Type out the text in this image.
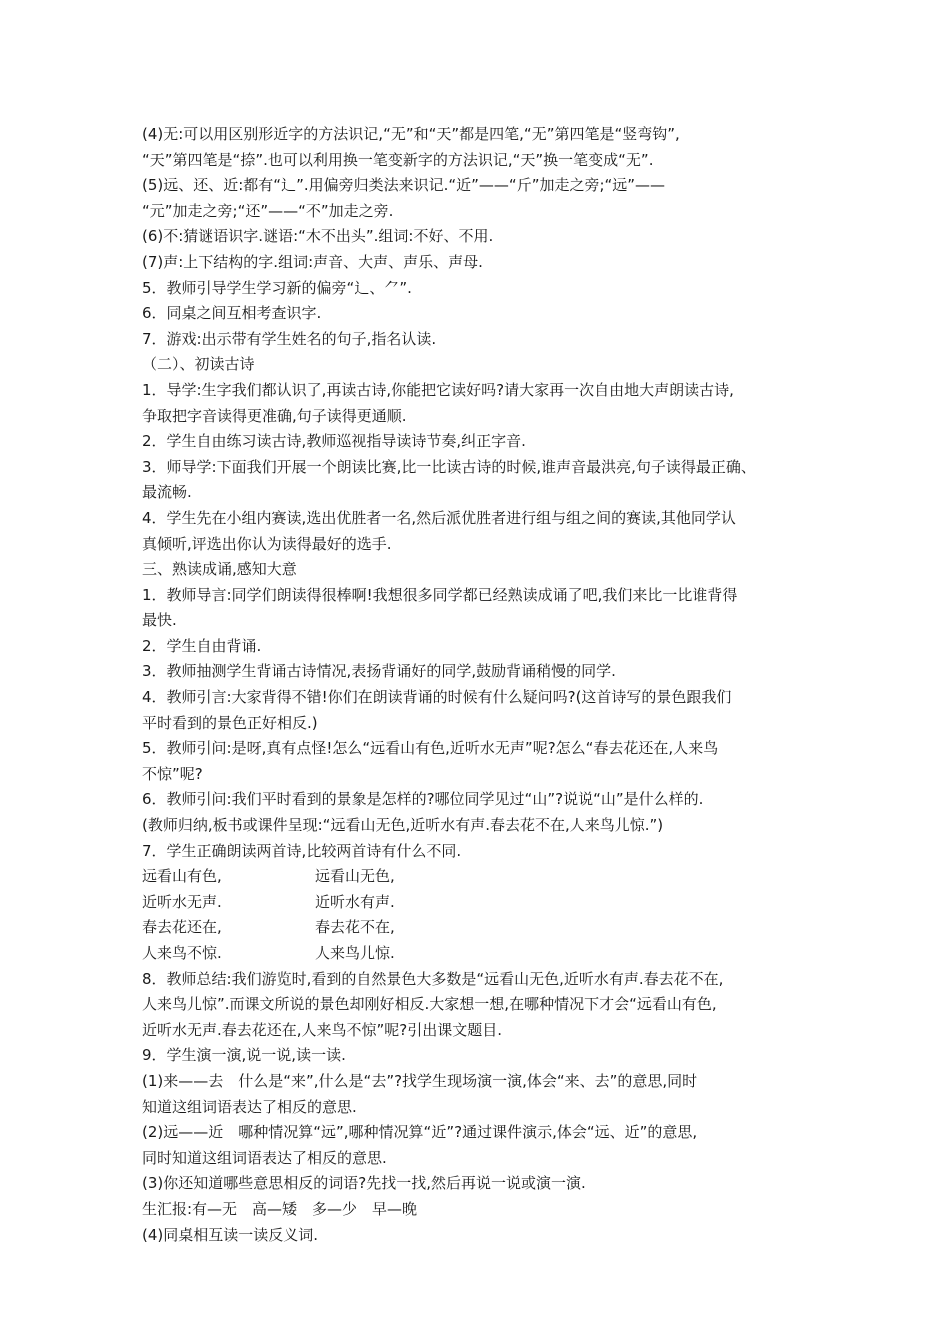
(4)无:可以用区别形近字的方法识记,“无”和“天”都是四笔,“无”第四笔是“竖弯钩”,
“天”第四笔是“捺”.也可以利用换一笔变新字的方法识记,“天”换一笔变成“无”.
(5)远、还、近:都有“辶”.用偏旁归类法来识记.“近”——“斤”加走之旁;“远”——
“元”加走之旁;“还”——“不”加走之旁.
(6)不:猜谜语识字.谜语:“木不出头”.组词:不好、不用.
(7)声:上下结构的字.组词:声音、大声、声乐、声母.
5．教师引导学生学习新的偏旁“辶、⺈”.
6．同桌之间互相考查识字.
7．游戏:出示带有学生姓名的句子,指名认读.
（二）、初读古诗
1．导学:生字我们都认识了,再读古诗,你能把它读好吗?请大家再一次自由地大声朗读古诗,
争取把字音读得更准确,句子读得更通顺.
2．学生自由练习读古诗,教师巡视指导读诗节奏,纠正字音.
3．师导学:下面我们开展一个朗读比赛,比一比读古诗的时候,谁声音最洪亮,句子读得最正确、
最流畅.
4．学生先在小组内赛读,选出优胜者一名,然后派优胜者进行组与组之间的赛读,其他同学认
真倾听,评选出你认为读得最好的选手.
三、熟读成诵,感知大意
1．教师导言:同学们朗读得很棒啊!我想很多同学都已经熟读成诵了吧,我们来比一比谁背得
最快.
2．学生自由背诵.
3．教师抽测学生背诵古诗情况,表扬背诵好的同学,鼓励背诵稍慢的同学.
4．教师引言:大家背得不错!你们在朗读背诵的时候有什么疑问吗?(这首诗写的景色跟我们
平时看到的景色正好相反.)
5．教师引问:是呀,真有点怪!怎么“远看山有色,近听水无声”呢?怎么“春去花还在,人来鸟
不惊”呢?
6．教师引问:我们平时看到的景象是怎样的?哪位同学见过“山”?说说“山”是什么样的.
(教师归纳,板书或课件呈现:“远看山无色,近听水有声.春去花不在,人来鸟儿惊.”)
7．学生正确朗读两首诗,比较两首诗有什么不同.
远看山有色,	远看山无色,
近听水无声.	近听水有声.
春去花还在,	春去花不在,
人来鸟不惊.	人来鸟儿惊.
8．教师总结:我们游览时,看到的自然景色大多数是“远看山无色,近听水有声.春去花不在,
人来鸟儿惊”.而课文所说的景色却刚好相反.大家想一想,在哪种情况下才会“远看山有色,
近听水无声.春去花还在,人来鸟不惊”呢?引出课文题目.
9．学生演一演,说一说,读一读.
(1)来——去　什么是“来”,什么是“去”?找学生现场演一演,体会“来、去”的意思,同时
知道这组词语表达了相反的意思.
(2)远——近　哪种情况算“远”,哪种情况算“近”?通过课件演示,体会“远、近”的意思,
同时知道这组词语表达了相反的意思.
(3)你还知道哪些意思相反的词语?先找一找,然后再说一说或演一演.
生汇报:有—无　高—矮　多—少　早—晚
(4)同桌相互读一读反义词.
